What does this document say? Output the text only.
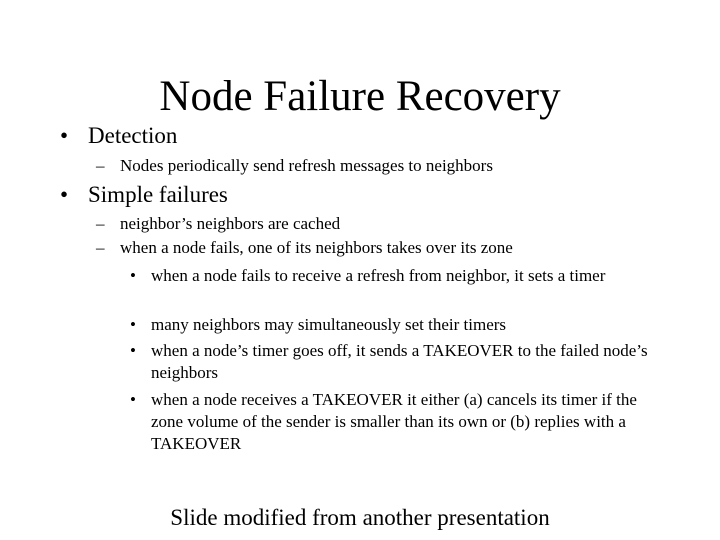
Node Failure Recovery
• Detection
– Nodes periodically send refresh messages to neighbors
• Simple failures
– neighbor’s neighbors are cached
– when a node fails, one of its neighbors takes over its zone
• when a node fails to receive a refresh from neighbor, it sets a timer
• many neighbors may simultaneously set their timers
• when a node’s timer goes off, it sends a TAKEOVER to the failed node’s neighbors
• when a node receives a TAKEOVER it either (a) cancels its timer if the zone volume of the sender is smaller than its own or (b) replies with a TAKEOVER
Slide modified from another presentation
